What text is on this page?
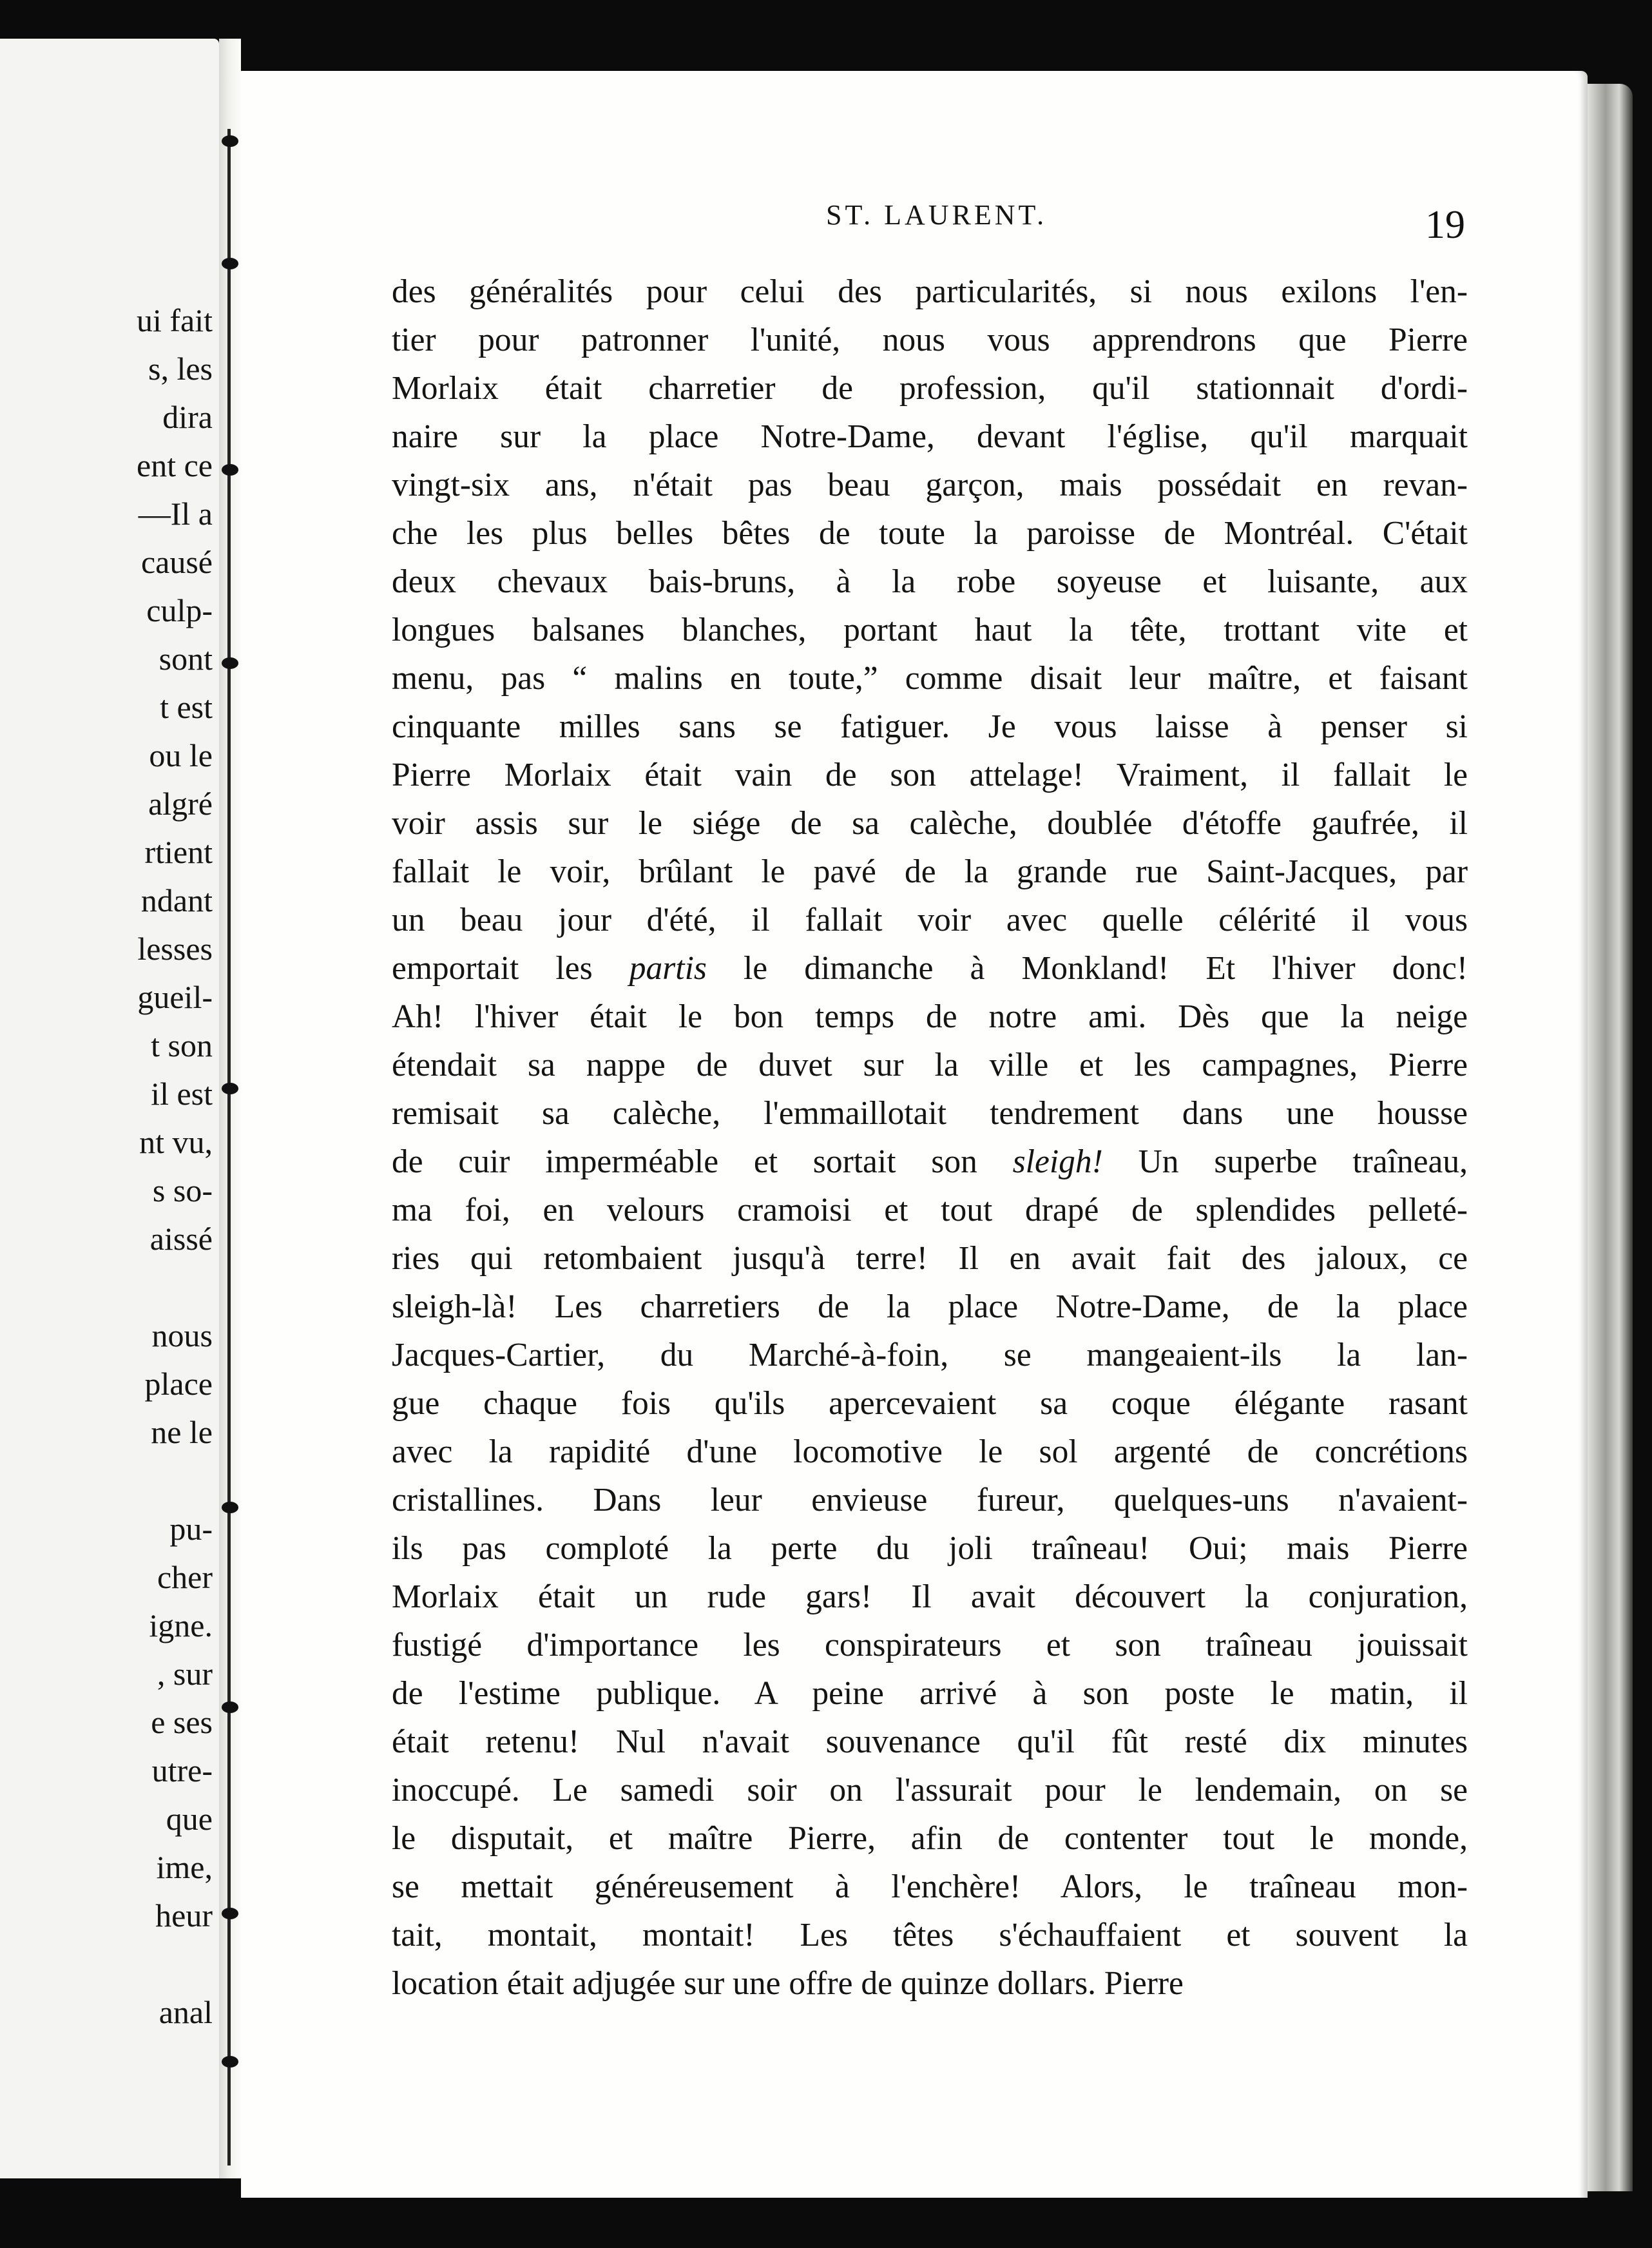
ui fait
s, les
dira
ent ce
—Il a
causé
culp-
sont
t est
ou le
algré
rtient
ndant
lesses
gueil-
t son
il est
nt vu,
s so-
aissé
nous
place
ne le
pu-
cher
igne.
, sur
e ses
utre-
que
ime,
heur
anal
ST. LAURENT.	19
des généralités pour celui des particularités, si nous exilons l'en-
tier pour patronner l'unité, nous vous apprendrons que Pierre
Morlaix était charretier de profession, qu'il stationnait d'ordi-
naire sur la place Notre-Dame, devant l'église, qu'il marquait
vingt-six ans, n'était pas beau garçon, mais possédait en revan-
che les plus belles bêtes de toute la paroisse de Montréal. C'était
deux chevaux bais-bruns, à la robe soyeuse et luisante, aux
longues balsanes blanches, portant haut la tête, trottant vite et
menu, pas “ malins en toute,” comme disait leur maître, et faisant
cinquante milles sans se fatiguer. Je vous laisse à penser si
Pierre Morlaix était vain de son attelage! Vraiment, il fallait le
voir assis sur le siége de sa calèche, doublée d'étoffe gaufrée, il
fallait le voir, brûlant le pavé de la grande rue Saint-Jacques, par
un beau jour d'été, il fallait voir avec quelle célérité il vous
emportait les partis le dimanche à Monkland! Et l'hiver donc!
Ah! l'hiver était le bon temps de notre ami. Dès que la neige
étendait sa nappe de duvet sur la ville et les campagnes, Pierre
remisait sa calèche, l'emmaillotait tendrement dans une housse
de cuir imperméable et sortait son sleigh! Un superbe traîneau,
ma foi, en velours cramoisi et tout drapé de splendides pelleté-
ries qui retombaient jusqu'à terre! Il en avait fait des jaloux, ce
sleigh-là! Les charretiers de la place Notre-Dame, de la place
Jacques-Cartier, du Marché-à-foin, se mangeaient-ils la lan-
gue chaque fois qu'ils apercevaient sa coque élégante rasant
avec la rapidité d'une locomotive le sol argenté de concrétions
cristallines. Dans leur envieuse fureur, quelques-uns n'avaient-
ils pas comploté la perte du joli traîneau! Oui; mais Pierre
Morlaix était un rude gars! Il avait découvert la conjuration,
fustigé d'importance les conspirateurs et son traîneau jouissait
de l'estime publique. A peine arrivé à son poste le matin, il
était retenu! Nul n'avait souvenance qu'il fût resté dix minutes
inoccupé. Le samedi soir on l'assurait pour le lendemain, on se
le disputait, et maître Pierre, afin de contenter tout le monde,
se mettait généreusement à l'enchère! Alors, le traîneau mon-
tait, montait, montait! Les têtes s'échauffaient et souvent la
location était adjugée sur une offre de quinze dollars. Pierre
